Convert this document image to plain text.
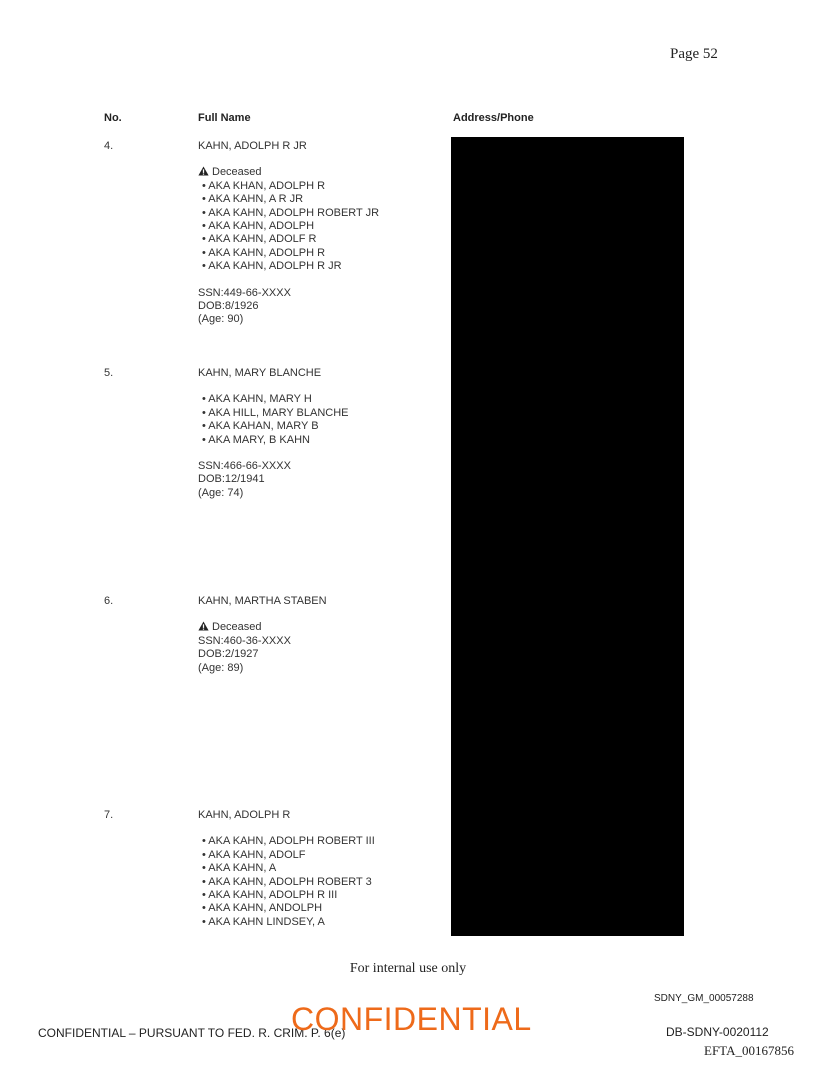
Page 52
No.	Full Name	Address/Phone
4.	KAHN, ADOLPH R JR
Deceased
• AKA KHAN, ADOLPH R
• AKA KAHN, A R JR
• AKA KAHN, ADOLPH ROBERT JR
• AKA KAHN, ADOLPH
• AKA KAHN, ADOLF R
• AKA KAHN, ADOLPH R
• AKA KAHN, ADOLPH R JR
SSN:449-66-XXXX
DOB:8/1926
(Age: 90)
5.	KAHN, MARY BLANCHE
• AKA KAHN, MARY H
• AKA HILL, MARY BLANCHE
• AKA KAHAN, MARY B
• AKA MARY, B KAHN
SSN:466-66-XXXX
DOB:12/1941
(Age: 74)
6.	KAHN, MARTHA STABEN
Deceased
SSN:460-36-XXXX
DOB:2/1927
(Age: 89)
7.	KAHN, ADOLPH R
• AKA KAHN, ADOLPH ROBERT III
• AKA KAHN, ADOLF
• AKA KAHN, A
• AKA KAHN, ADOLPH ROBERT 3
• AKA KAHN, ADOLPH R III
• AKA KAHN, ANDOLPH
• AKA KAHN LINDSEY, A
For internal use only
SDNY_GM_00057288
CONFIDENTIAL – PURSUANT TO FED. R. CRIM. P. 6(e)
CONFIDENTIAL	DB-SDNY-0020112
EFTA_00167856
